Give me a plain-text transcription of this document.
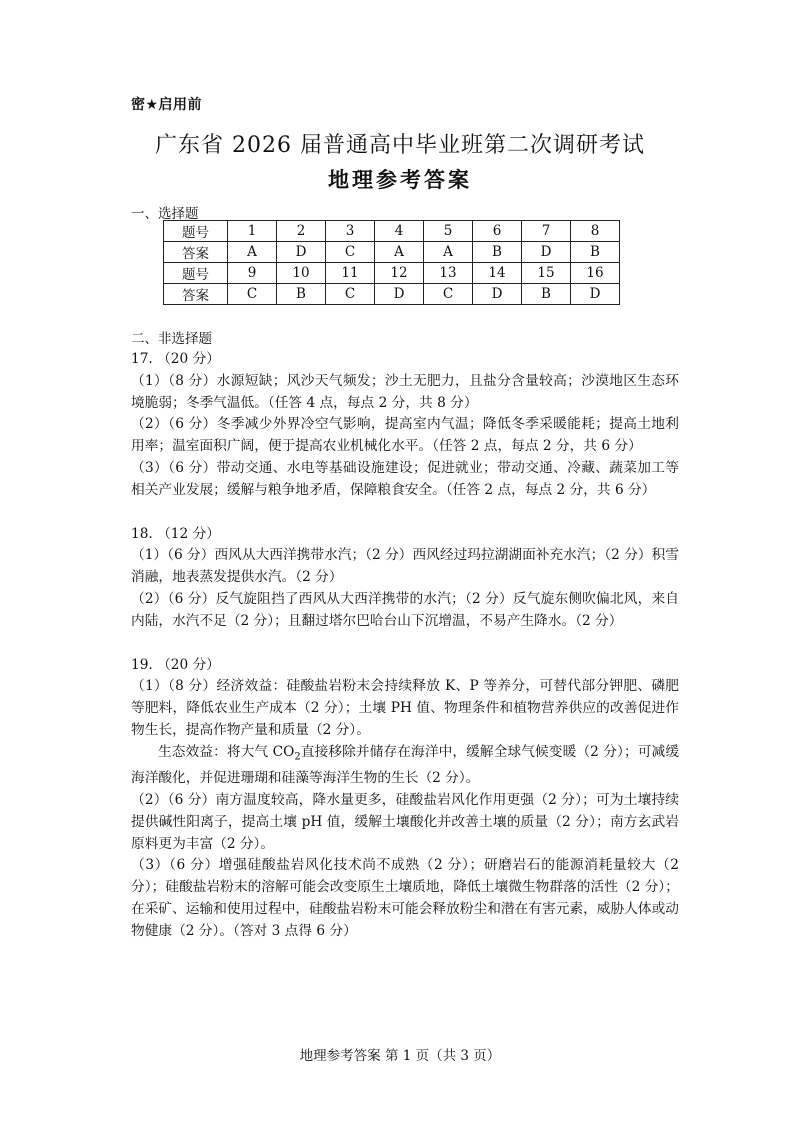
密★启用前
广东省 2026 届普通高中毕业班第二次调研考试
地理参考答案
一、选择题
题号	1	2	3	4	5	6	7	8
答案	A	D	C	A	A	B	D	B
题号	9	10	11	12	13	14	15	16
答案	C	B	C	D	C	D	B	D
二、非选择题

17. （20 分）

（1）（8 分）水源短缺；风沙天气频发；沙土无肥力，且盐分含量较高；沙漠地区生态环境脆弱；冬季气温低。（任答 4 点，每点 2 分，共 8 分）

（2）（6 分）冬季减少外界冷空气影响，提高室内气温；降低冬季采暖能耗；提高土地利用率；温室面积广阔，便于提高农业机械化水平。（任答 2 点，每点 2 分，共 6 分）

（3）（6 分）带动交通、水电等基础设施建设；促进就业；带动交通、冷藏、蔬菜加工等相关产业发展；缓解与粮争地矛盾，保障粮食安全。（任答 2 点，每点 2 分，共 6 分）

18. （12 分）

（1）（6 分）西风从大西洋携带水汽；（2 分）西风经过玛拉湖湖面补充水汽；（2 分）积雪消融，地表蒸发提供水汽。（2 分）

（2）（6 分）反气旋阻挡了西风从大西洋携带的水汽；（2 分）反气旋东侧吹偏北风，来自内陆，水汽不足（2 分）；且翻过塔尔巴哈台山下沉增温，不易产生降水。（2 分）

19. （20 分）

（1）（8 分）经济效益：硅酸盐岩粉末会持续释放 K、P 等养分，可替代部分钾肥、磷肥等肥料，降低农业生产成本（2 分）；土壤 PH 值、物理条件和植物营养供应的改善促进作物生长，提高作物产量和质量（2 分）。

生态效益：将大气 $CO_2$直接移除并储存在海洋中，缓解全球气候变暖（2 分）；可减缓海洋酸化，并促进珊瑚和硅藻等海洋生物的生长（2 分）。

（2）（6 分）南方温度较高，降水量更多，硅酸盐岩风化作用更强（2 分）；可为土壤持续提供碱性阳离子，提高土壤 pH 值，缓解土壤酸化并改善土壤的质量（2 分）；南方玄武岩原料更为丰富（2 分）。

（3）（6 分）增强硅酸盐岩风化技术尚不成熟（2 分）；研磨岩石的能源消耗量较大（2 分）；硅酸盐岩粉末的溶解可能会改变原生土壤质地，降低土壤微生物群落的活性（2 分）；在采矿、运输和使用过程中，硅酸盐岩粉末可能会释放粉尘和潜在有害元素，威胁人体或动物健康（2 分）。（答对 3 点得 6 分）

地理参考答案 第 1 页（共 3 页）
